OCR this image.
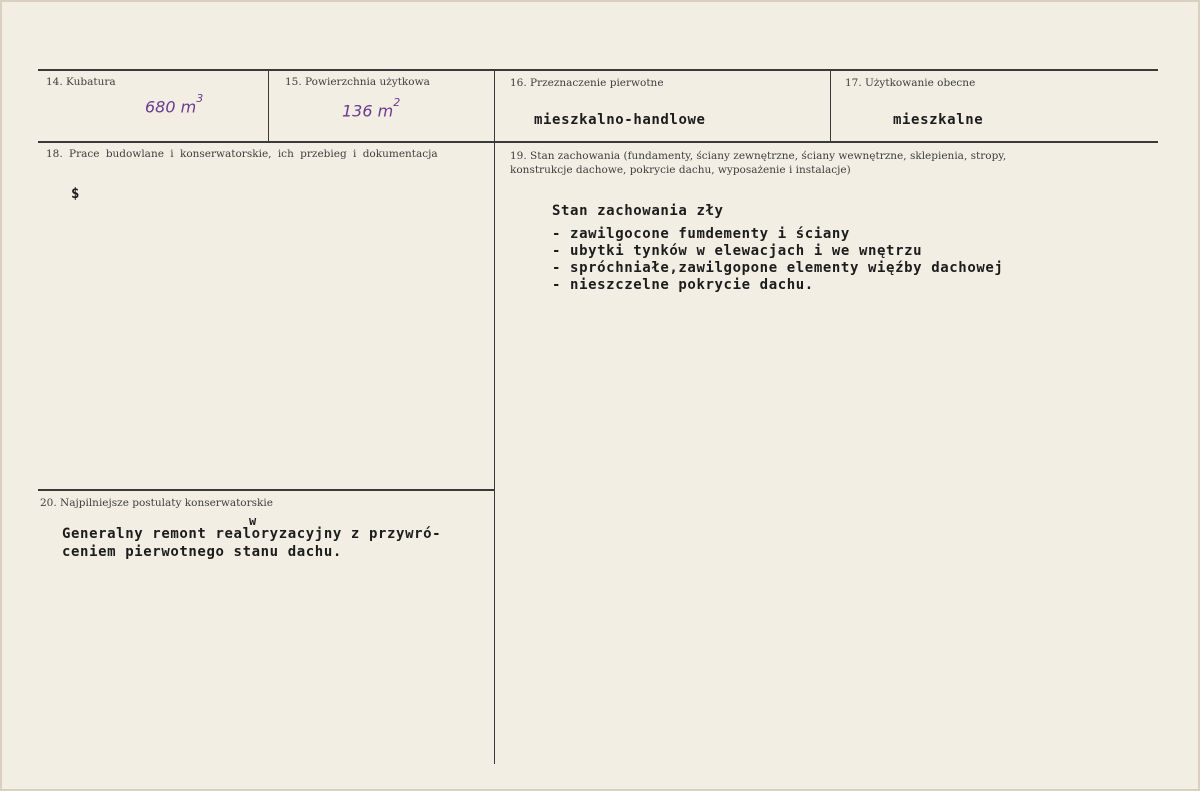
14. Kubatura
680 $m^3$
15. Powierzchnia użytkowa
136 $m^2$
16. Przeznaczenie pierwotne
mieszkalno-handlowe
17. Użytkowanie obecne
mieszkalne
18. Prace budowlane i konserwatorskie, ich przebieg i dokumentacja
$
19. Stan zachowania (fundamenty, ściany zewnętrzne, ściany wewnętrzne, sklepienia, stropy,
konstrukcje dachowe, pokrycie dachu, wyposażenie i instalacje)
Stan zachowania zły
- zawilgocone fumdementy i ściany
- ubytki tynków w elewacjach i we wnętrzu
- spróchniałe,zawilgopone elementy więźby dachowej
- nieszczelne pokrycie dachu.
20. Najpilniejsze postulaty konserwatorskie
w
Generalny remont realoryzacyjny z przywró-
ceniem pierwotnego stanu dachu.
